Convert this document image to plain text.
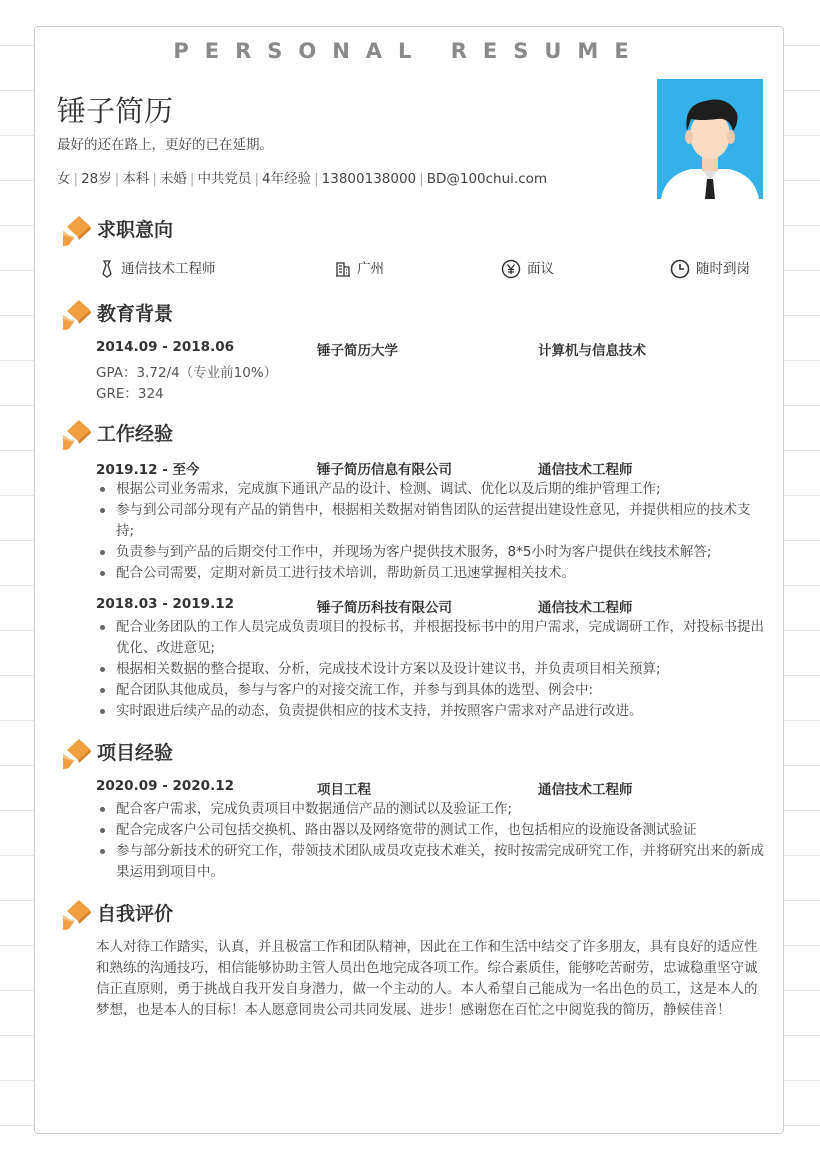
PERSONAL RESUME
锤子简历
最好的还在路上，更好的已在延期。
女 | 28岁 | 本科 | 未婚 | 中共党员 | 4年经验 | 13800138000 | BD@100chui.com
求职意向
通信技术工程师	广州	面议	随时到岗
教育背景
2014.09 - 2018.06	锤子简历大学	计算机与信息技术
GPA：3.72/4（专业前10%）
GRE：324
工作经验
2019.12 - 至今	锤子简历信息有限公司	通信技术工程师
根据公司业务需求，完成旗下通讯产品的设计、检测、调试、优化以及后期的维护管理工作;
参与到公司部分现有产品的销售中，根据相关数据对销售团队的运营提出建设性意见，并提供相应的技术支持;
负责参与到产品的后期交付工作中，并现场为客户提供技术服务，8*5小时为客户提供在线技术解答;
配合公司需要，定期对新员工进行技术培训，帮助新员工迅速掌握相关技术。
2018.03 - 2019.12	锤子简历科技有限公司	通信技术工程师
配合业务团队的工作人员完成负责项目的投标书，并根据投标书中的用户需求，完成调研工作，对投标书提出优化、改进意见;
根据相关数据的整合提取、分析，完成技术设计方案以及设计建议书，并负责项目相关预算;
配合团队其他成员，参与与客户的对接交流工作，并参与到具体的选型、例会中:
实时跟进后续产品的动态，负责提供相应的技术支持，并按照客户需求对产品进行改进。
项目经验
2020.09 - 2020.12	项目工程	通信技术工程师
配合客户需求，完成负责项目中数据通信产品的测试以及验证工作;
配合完成客户公司包括交换机、路由器以及网络宽带的测试工作，也包括相应的设施设备测试验证
参与部分新技术的研究工作，带领技术团队成员攻克技术难关，按时按需完成研究工作，并将研究出来的新成果运用到项目中。
自我评价
本人对待工作踏实，认真，并且极富工作和团队精神，因此在工作和生活中结交了许多朋友，具有良好的适应性和熟练的沟通技巧，相信能够协助主管人员出色地完成各项工作。综合素质佳，能够吃苦耐劳，忠诚稳重坚守诚信正直原则，勇于挑战自我开发自身潜力，做一个主动的人。本人希望自己能成为一名出色的员工，这是本人的梦想，也是本人的目标！本人愿意同贵公司共同发展、进步！感谢您在百忙之中阅览我的简历，静候佳音！
